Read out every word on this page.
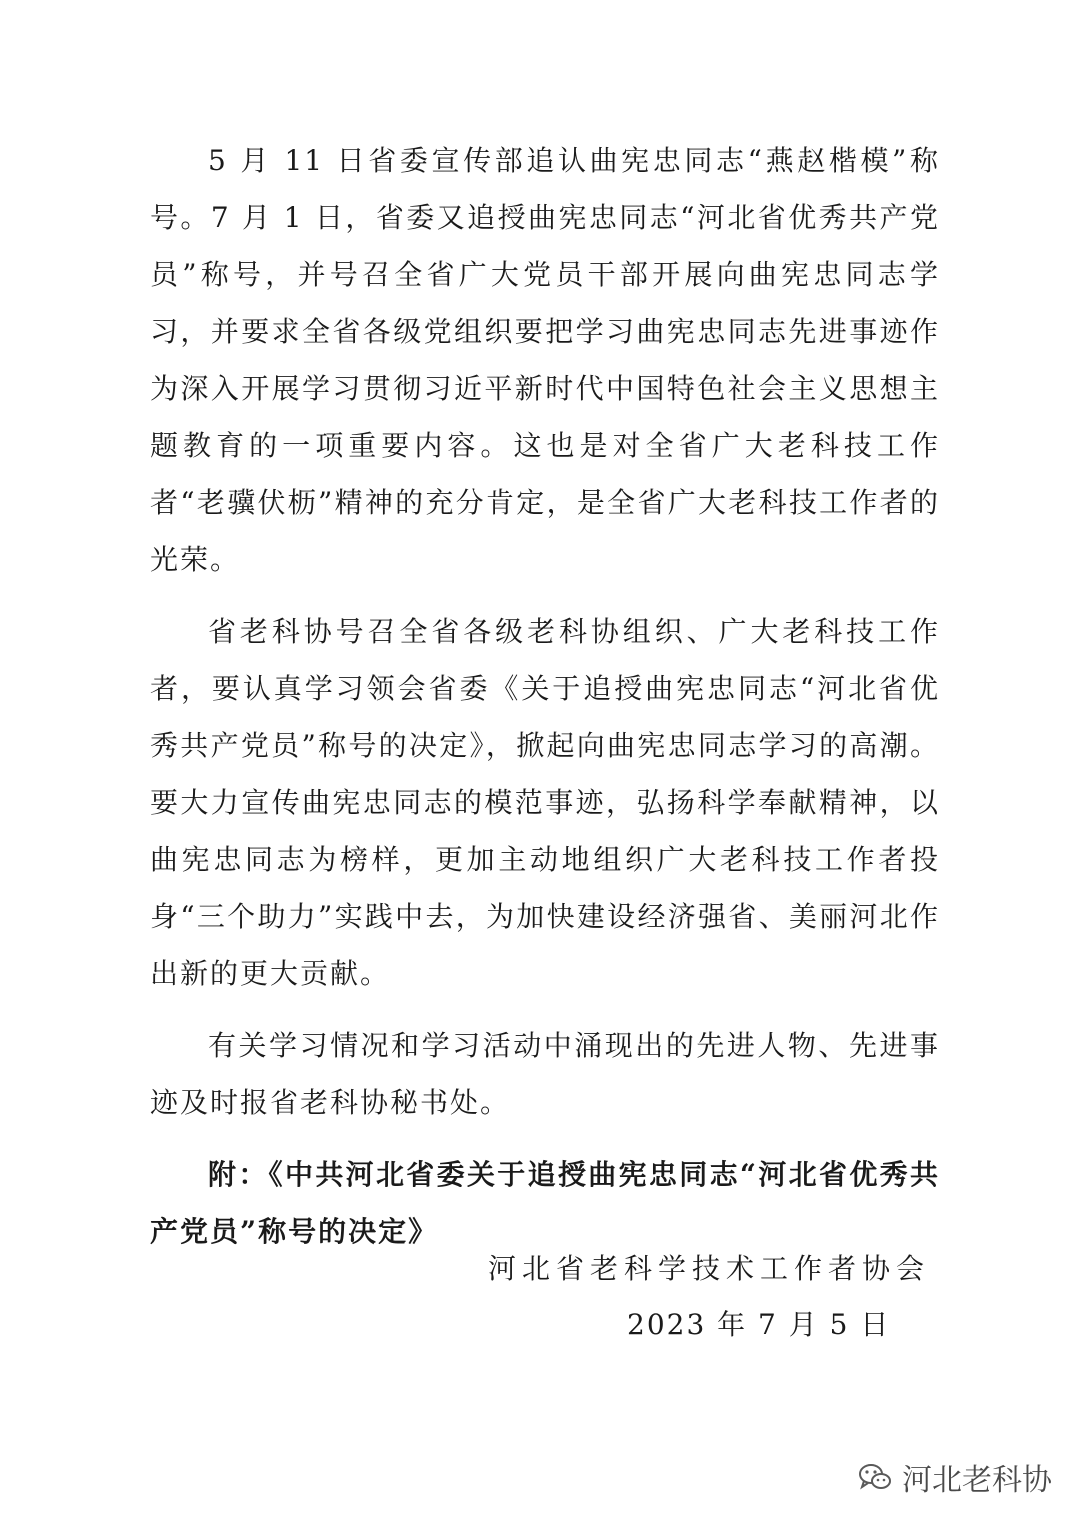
5 月 11 日省委宣传部追认曲宪忠同志“燕赵楷模”称号。7 月 1 日，省委又追授曲宪忠同志“河北省优秀共产党员”称号，并号召全省广大党员干部开展向曲宪忠同志学习，并要求全省各级党组织要把学习曲宪忠同志先进事迹作为深入开展学习贯彻习近平新时代中国特色社会主义思想主题教育的一项重要内容。这也是对全省广大老科技工作者“老骥伏枥”精神的充分肯定，是全省广大老科技工作者的光荣。

省老科协号召全省各级老科协组织、广大老科技工作者，要认真学习领会省委《关于追授曲宪忠同志“河北省优秀共产党员”称号的决定》，掀起向曲宪忠同志学习的高潮。要大力宣传曲宪忠同志的模范事迹，弘扬科学奉献精神，以曲宪忠同志为榜样，更加主动地组织广大老科技工作者投身“三个助力”实践中去，为加快建设经济强省、美丽河北作出新的更大贡献。

有关学习情况和学习活动中涌现出的先进人物、先进事迹及时报省老科协秘书处。

附：《中共河北省委关于追授曲宪忠同志“河北省优秀共产党员”称号的决定》

河北省老科学技术工作者协会
2023 年 7 月 5 日
河北老科协
